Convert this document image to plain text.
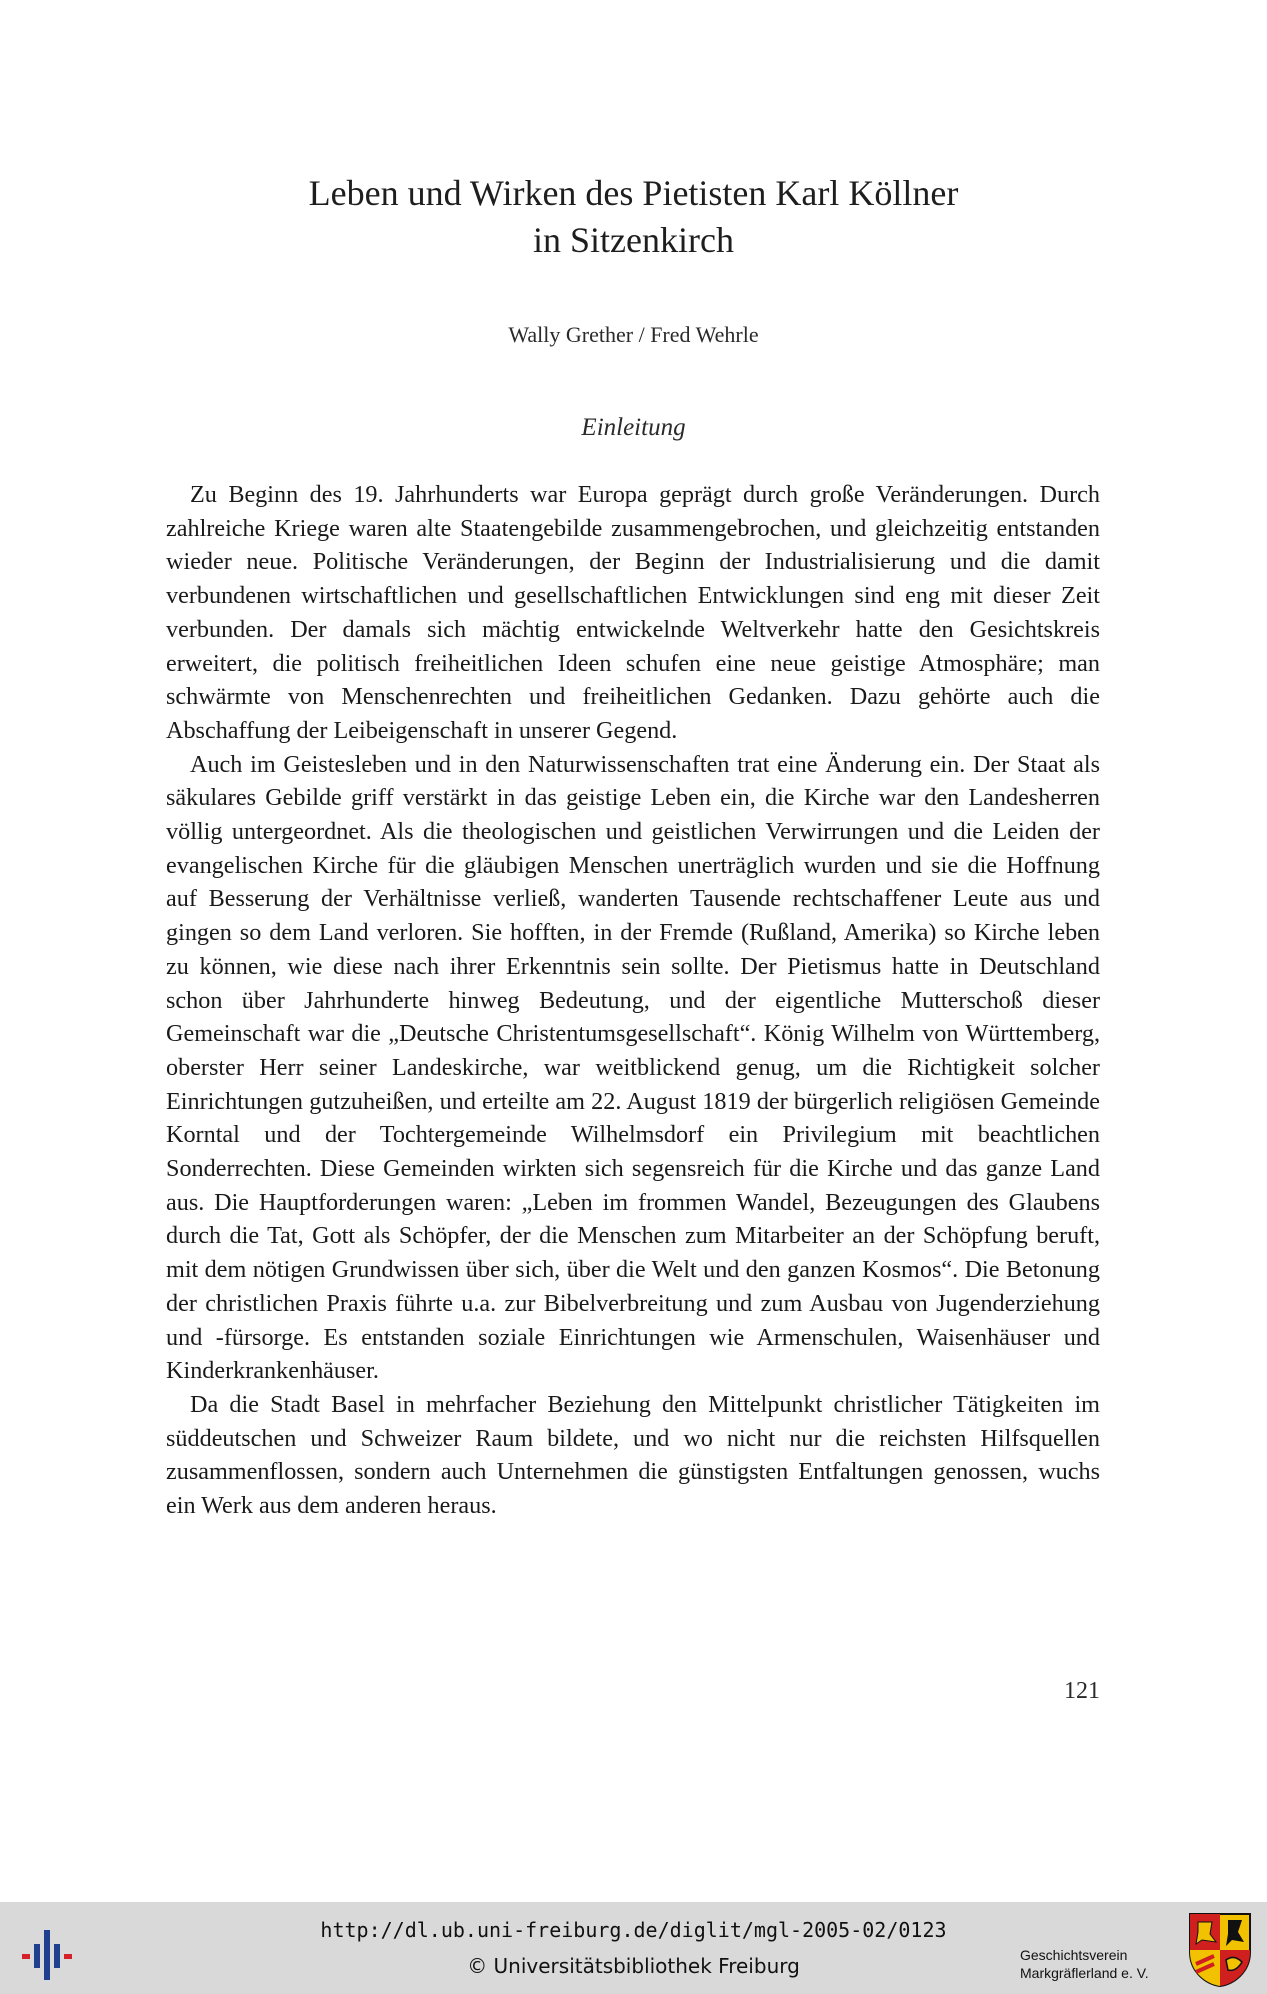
Leben und Wirken des Pietisten Karl Köllner
in Sitzenkirch
Wally Grether / Fred Wehrle
Einleitung

Zu Beginn des 19. Jahrhunderts war Europa geprägt durch große Veränderungen. Durch zahlreiche Kriege waren alte Staatengebilde zusammengebrochen, und gleichzeitig entstanden wieder neue. Politische Veränderungen, der Beginn der Industrialisierung und die damit verbundenen wirtschaftlichen und gesellschaftlichen Entwicklungen sind eng mit dieser Zeit verbunden. Der damals sich mächtig entwickelnde Weltverkehr hatte den Gesichtskreis erweitert, die politisch freiheitlichen Ideen schufen eine neue geistige Atmosphäre; man schwärmte von Menschenrechten und freiheitlichen Gedanken. Dazu gehörte auch die Abschaffung der Leibeigenschaft in unserer Gegend.

Auch im Geistesleben und in den Naturwissenschaften trat eine Änderung ein. Der Staat als säkulares Gebilde griff verstärkt in das geistige Leben ein, die Kirche war den Landesherren völlig untergeordnet. Als die theologischen und geistlichen Verwirrungen und die Leiden der evangelischen Kirche für die gläubigen Menschen unerträglich wurden und sie die Hoffnung auf Besserung der Verhältnisse verließ, wanderten Tausende rechtschaffener Leute aus und gingen so dem Land verloren. Sie hofften, in der Fremde (Rußland, Amerika) so Kirche leben zu können, wie diese nach ihrer Erkenntnis sein sollte. Der Pietismus hatte in Deutschland schon über Jahrhunderte hinweg Bedeutung, und der eigentliche Mutterschoß dieser Gemeinschaft war die „Deutsche Christentumsgesellschaft“. König Wilhelm von Württemberg, oberster Herr seiner Landeskirche, war weitblickend genug, um die Richtigkeit solcher Einrichtungen gutzuheißen, und erteilte am 22. August 1819 der bürgerlich religiösen Gemeinde Korntal und der Tochtergemeinde Wilhelmsdorf ein Privilegium mit beachtlichen Sonderrechten. Diese Gemeinden wirkten sich segensreich für die Kirche und das ganze Land aus. Die Hauptforderungen waren: „Leben im frommen Wandel, Bezeugungen des Glaubens durch die Tat, Gott als Schöpfer, der die Menschen zum Mitarbeiter an der Schöpfung beruft, mit dem nötigen Grundwissen über sich, über die Welt und den ganzen Kosmos“. Die Betonung der christlichen Praxis führte u.a. zur Bibelverbreitung und zum Ausbau von Jugenderziehung und -fürsorge. Es entstanden soziale Einrichtungen wie Armenschulen, Waisenhäuser und Kinderkrankenhäuser.

Da die Stadt Basel in mehrfacher Beziehung den Mittelpunkt christlicher Tätigkeiten im süddeutschen und Schweizer Raum bildete, und wo nicht nur die reichsten Hilfsquellen zusammenflossen, sondern auch Unternehmen die günstigsten Entfaltungen genossen, wuchs ein Werk aus dem anderen heraus.

121
http://dl.ub.uni-freiburg.de/diglit/mgl-2005-02/0123
© Universitätsbibliothek Freiburg	Geschichtsverein
Markgräflerland e. V.
